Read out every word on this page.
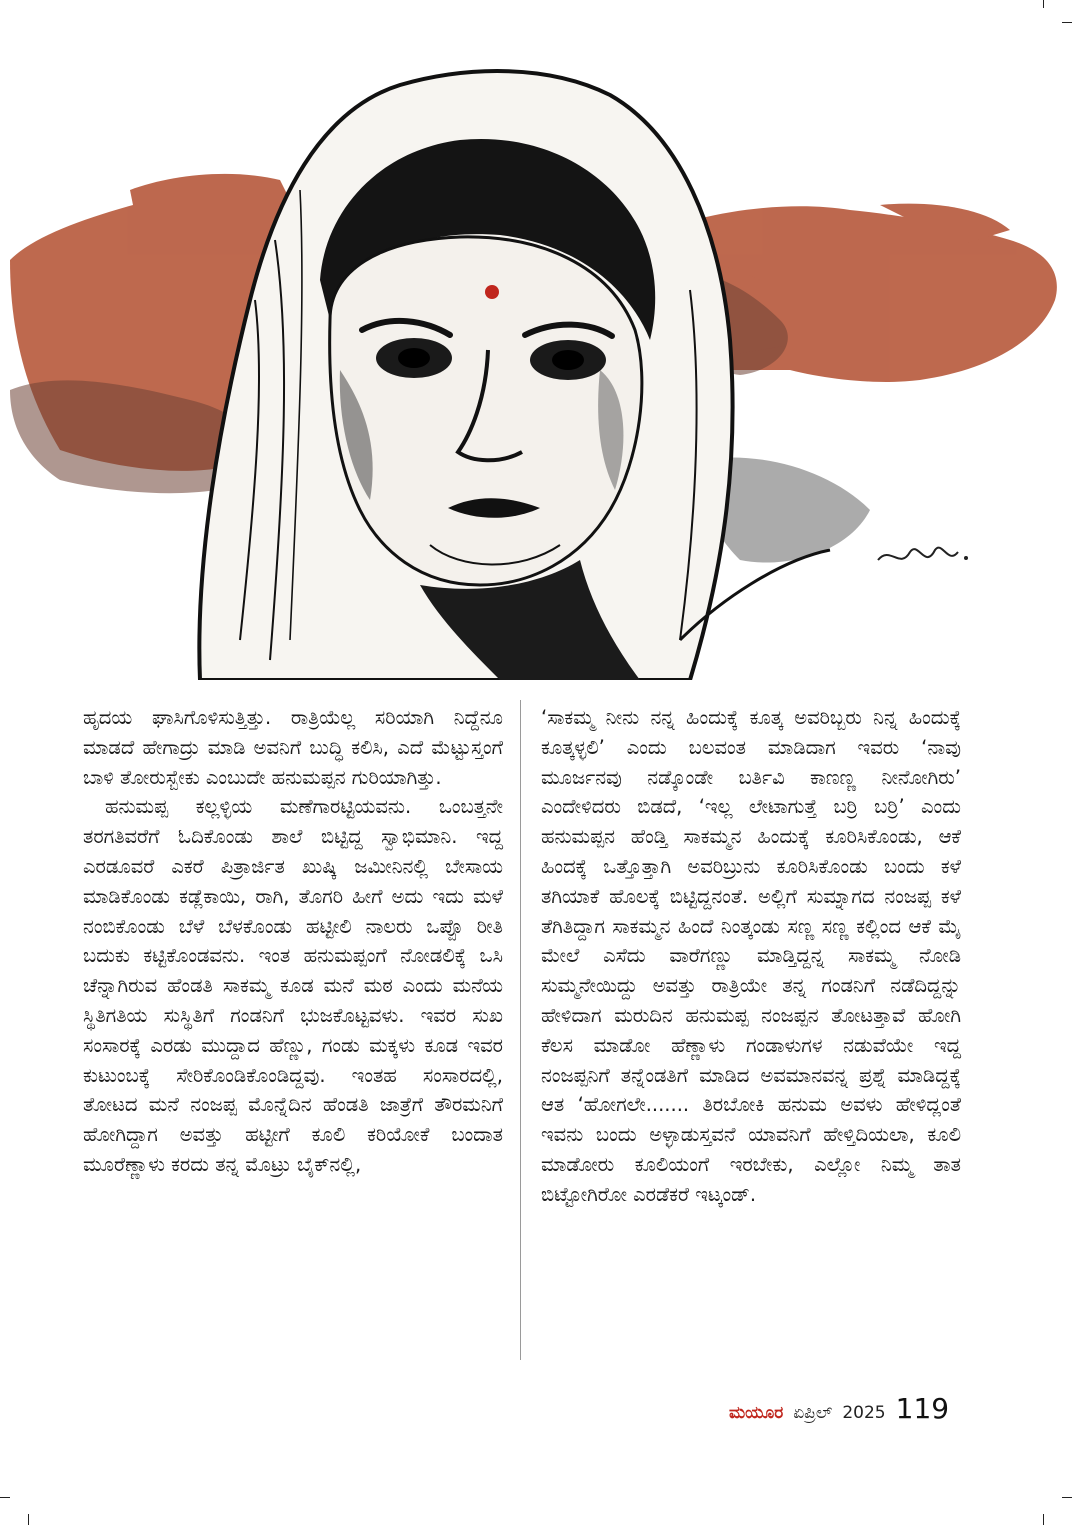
ಹೃದಯ ಘಾಸಿಗೊಳಿಸುತ್ತಿತ್ತು. ರಾತ್ರಿಯೆಲ್ಲ ಸರಿಯಾಗಿ ನಿದ್ದೆನೂ ಮಾಡದೆ ಹೇಗಾದ್ರು ಮಾಡಿ ಅವನಿಗೆ ಬುದ್ಧಿ ಕಲಿಸಿ, ಎದೆ ಮೆಟ್ಟುಸ್ತಂಗೆ ಬಾಳಿ ತೋರುಸ್ಬೇಕು ಎಂಬುದೇ ಹನುಮಪ್ಪನ ಗುರಿಯಾಗಿತ್ತು.

ಹನುಮಪ್ಪ ಕಲ್ಲಳ್ಳಿಯ ಮಣೆಗಾರಟ್ಟಿಯವನು. ಒಂಬತ್ತನೇ ತರಗತಿವರೆಗೆ ಓದಿಕೊಂಡು ಶಾಲೆ ಬಿಟ್ಟಿದ್ದ ಸ್ವಾಭಿಮಾನಿ. ಇದ್ದ ಎರಡೂವರೆ ಎಕರೆ ಪಿತ್ರಾರ್ಜಿತ ಖುಷ್ಕಿ ಜಮೀನಿನಲ್ಲಿ ಬೇಸಾಯ ಮಾಡಿಕೊಂಡು ಕಡ್ಲೆಕಾಯಿ, ರಾಗಿ, ತೊಗರಿ ಹೀಗೆ ಅದು ಇದು ಮಳೆ ನಂಬಿಕೊಂಡು ಬೆಳೆ ಬೆಳಕೊಂಡು ಹಟ್ಟೀಲಿ ನಾಲರು ಒಪ್ಪೊ ರೀತಿ ಬದುಕು ಕಟ್ಟಿಕೊಂಡವನು. ಇಂತ ಹನುಮಪ್ಪಂಗೆ ನೋಡಲಿಕ್ಕೆ ಒಸಿ ಚೆನ್ನಾಗಿರುವ ಹೆಂಡತಿ ಸಾಕಮ್ಮ ಕೂಡ ಮನೆ ಮಠ ಎಂದು ಮನೆಯ ಸ್ಥಿತಿಗತಿಯ ಸುಸ್ಥಿತಿಗೆ ಗಂಡನಿಗೆ ಭುಜಕೊಟ್ಟವಳು. ಇವರ ಸುಖ ಸಂಸಾರಕ್ಕೆ ಎರಡು ಮುದ್ದಾದ ಹೆಣ್ಣು, ಗಂಡು ಮಕ್ಕಳು ಕೂಡ ಇವರ ಕುಟುಂಬಕ್ಕೆ ಸೇರಿಕೊಂಡಿಕೊಂಡಿದ್ದವು. ಇಂತಹ ಸಂಸಾರದಲ್ಲಿ, ತೋಟದ ಮನೆ ನಂಜಪ್ಪ ಮೊನ್ನೆದಿನ ಹೆಂಡತಿ ಜಾತ್ರೆಗೆ ತೌರಮನಿಗೆ ಹೋಗಿದ್ದಾಗ ಅವತ್ತು ಹಟ್ಟೀಗೆ ಕೂಲಿ ಕರಿಯೋಕೆ ಬಂದಾತ ಮೂರೆಣ್ಣಾಳು ಕರದು ತನ್ನ ಮೊಟ್ರು ಬೈಕ್‌ನಲ್ಲಿ,

‘ಸಾಕಮ್ಮ ನೀನು ನನ್ನ ಹಿಂದುಕ್ಕೆ ಕೂತ್ಕ ಅವರಿಬ್ಬರು ನಿನ್ನ ಹಿಂದುಕ್ಕೆ ಕೂತ್ಕಳ್ಳಲಿ’ ಎಂದು ಬಲವಂತ ಮಾಡಿದಾಗ ಇವರು ‘ನಾವು ಮೂರ್ಜನವು ನಡ್ಕೊಂಡೇ ಬರ್ತಿವಿ ಕಾಣಣ್ಣ ನೀನೋಗಿರು’ ಎಂದೇಳಿದರು ಬಿಡದೆ, ‘ಇಲ್ಲ ಲೇಟಾಗುತ್ತೆ ಬರ್ರಿ ಬರ್ರಿ’ ಎಂದು ಹನುಮಪ್ಪನ ಹೆಂಡ್ತಿ ಸಾಕಮ್ಮನ ಹಿಂದುಕ್ಕೆ ಕೂರಿಸಿಕೊಂಡು, ಆಕೆ ಹಿಂದಕ್ಕೆ ಒತ್ತೊತ್ತಾಗಿ ಅವರಿಬ್ರುನು ಕೂರಿಸಿಕೊಂಡು ಬಂದು ಕಳೆ ತಗಿಯಾಕೆ ಹೊಲಕ್ಕೆ ಬಿಟ್ಟಿದ್ದನಂತೆ. ಅಲ್ಲಿಗೆ ಸುಮ್ನಾಗದ ನಂಜಪ್ಪ ಕಳೆ ತೆಗಿತಿದ್ದಾಗ ಸಾಕಮ್ಮನ ಹಿಂದೆ ನಿಂತ್ಕಂಡು ಸಣ್ಣ ಸಣ್ಣ ಕಲ್ಲಿಂದ ಆಕೆ ಮೈ ಮೇಲೆ ಎಸೆದು ವಾರೆಗಣ್ಣು ಮಾಡ್ತಿದ್ದನ್ನ ಸಾಕಮ್ಮ ನೋಡಿ ಸುಮ್ಮನೇಯಿದ್ದು ಅವತ್ತು ರಾತ್ರಿಯೇ ತನ್ನ ಗಂಡನಿಗೆ ನಡೆದಿದ್ದನ್ನು ಹೇಳಿದಾಗ ಮರುದಿನ ಹನುಮಪ್ಪ ನಂಜಪ್ಪನ ತೋಟತ್ತಾವೆ ಹೋಗಿ ಕೆಲಸ ಮಾಡೋ ಹೆಣ್ಣಾಳು ಗಂಡಾಳುಗಳ ನಡುವೆಯೇ ಇದ್ದ ನಂಜಪ್ಪನಿಗೆ ತನ್ನೆಂಡತಿಗೆ ಮಾಡಿದ ಅವಮಾನವನ್ನ ಪ್ರಶ್ನೆ ಮಾಡಿದ್ದಕ್ಕೆ ಆತ ‘ಹೋಗಲೇ....... ತಿರಬೋಕಿ ಹನುಮ ಅವಳು ಹೇಳಿದ್ಲಂತೆ ಇವನು ಬಂದು ಅಳ್ಳಾಡುಸ್ತವನೆ ಯಾವನಿಗೆ ಹೇಳ್ತಿದಿಯಲಾ, ಕೂಲಿ ಮಾಡೋರು ಕೂಲಿಯಂಗೆ ಇರಬೇಕು, ಎಲ್ಲೋ ನಿಮ್ಮ ತಾತ ಬಿಟ್ಟೋಗಿರೋ ಎರಡೆಕರೆ ಇಟ್ಕಂಡ್.

ಮಯೂರ ಏಪ್ರಿಲ್ 2025 119
